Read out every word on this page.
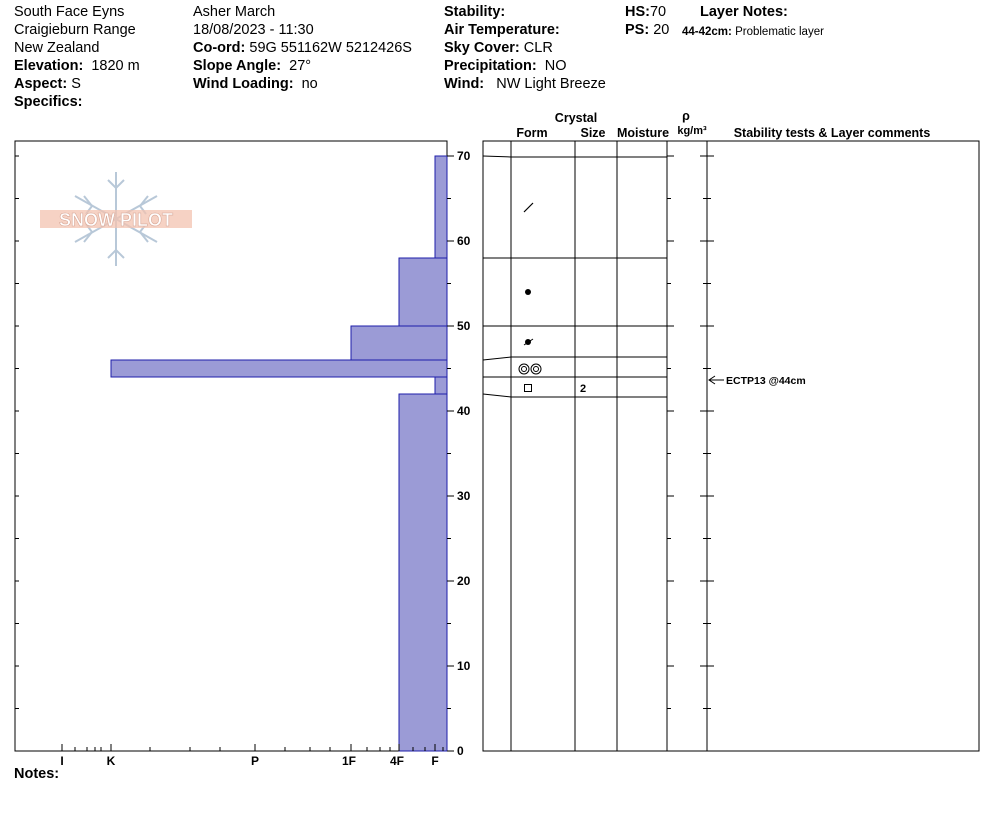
South Face Eyns
Craigieburn Range
New Zealand
Elevation: 1820 m
Aspect: S
Specifics:
Asher March
18/08/2023 - 11:30
Co-ord: 59G 551162W 5212426S
Slope Angle: 27°
Wind Loading: no
Stability:
Air Temperature:
Sky Cover: CLR
Precipitation: NO
Wind: NW Light Breeze
HS:70
PS: 20
Layer Notes:
44-42cm: Problematic layer
SNOW PILOT
0
10
20
30
40
50
60
70
I	K	P	1F	4F F
Crystal
Form	Size Moisture
ρ
kg/m³ Stability tests & Layer comments
2
ECTP13 @44cm
Notes:
